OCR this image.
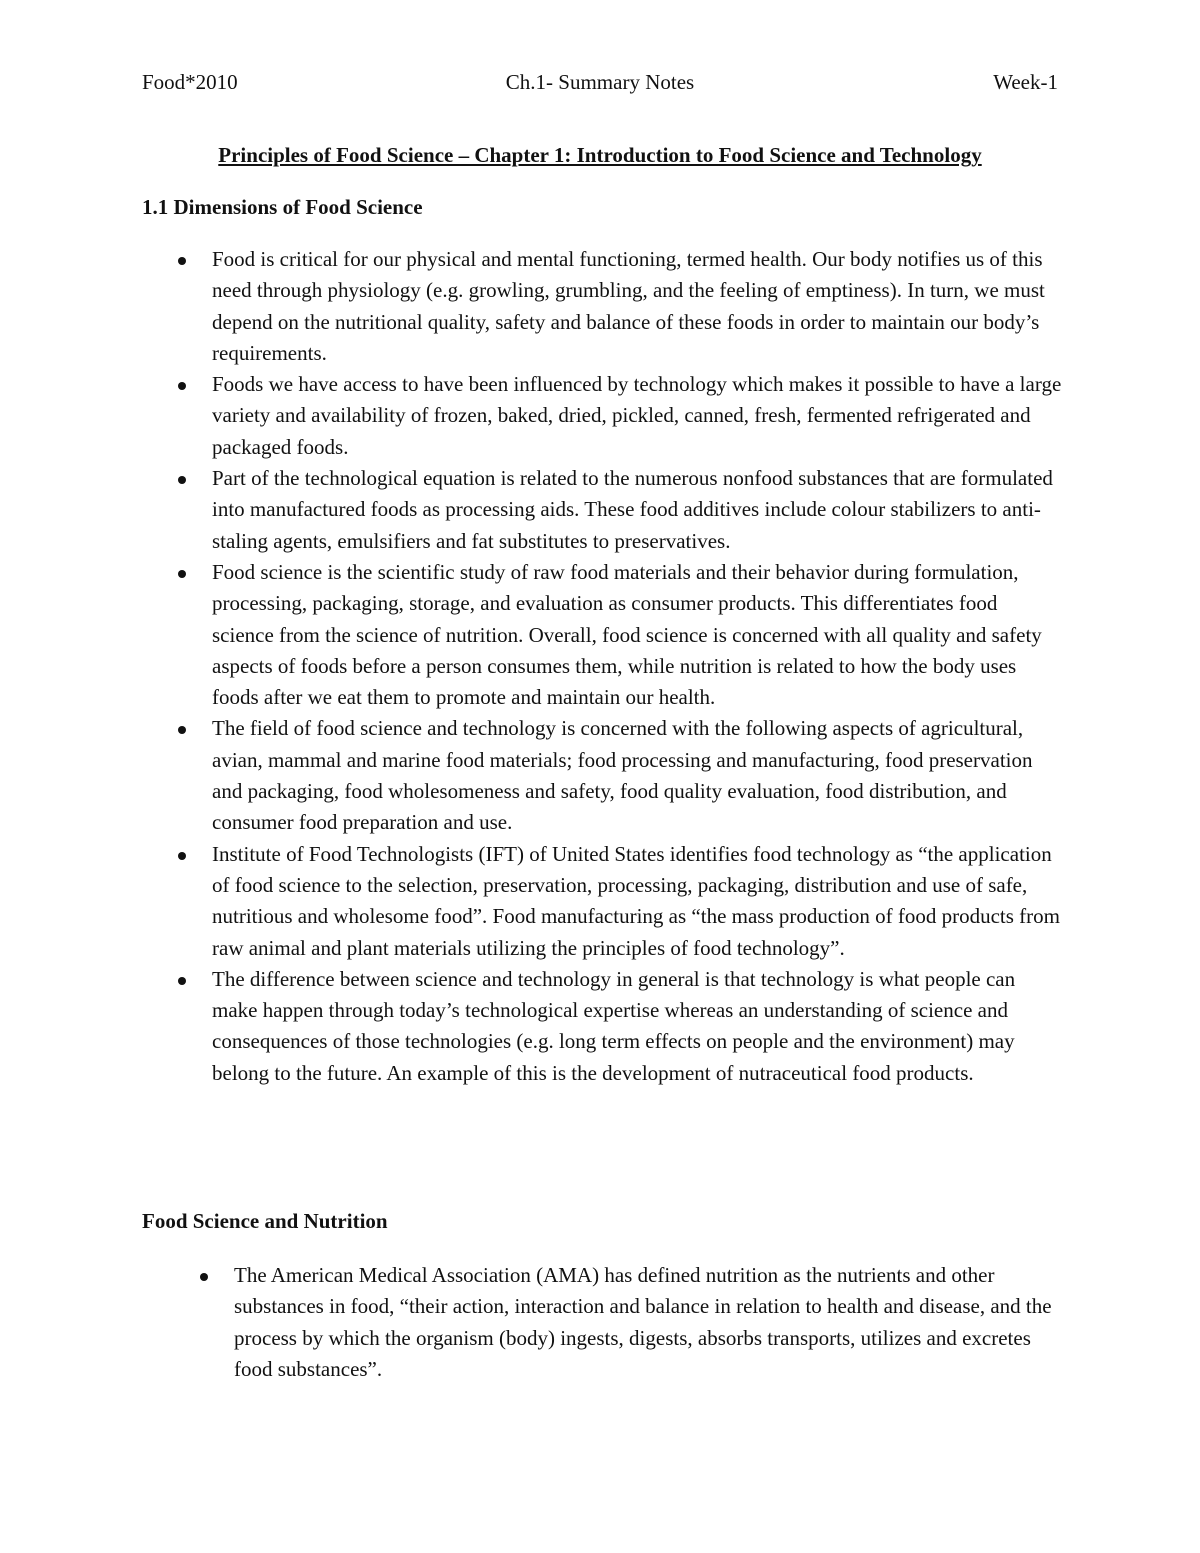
Food*2010	Ch.1- Summary Notes	Week-1
Principles of Food Science – Chapter 1: Introduction to Food Science and Technology
1.1 Dimensions of Food Science
Food is critical for our physical and mental functioning, termed health. Our body notifies us of this need through physiology (e.g. growling, grumbling, and the feeling of emptiness). In turn, we must depend on the nutritional quality, safety and balance of these foods in order to maintain our body’s requirements.
Foods we have access to have been influenced by technology which makes it possible to have a large variety and availability of frozen, baked, dried, pickled, canned, fresh, fermented refrigerated and packaged foods.
Part of the technological equation is related to the numerous nonfood substances that are formulated into manufactured foods as processing aids. These food additives include colour stabilizers to anti-staling agents, emulsifiers and fat substitutes to preservatives.
Food science is the scientific study of raw food materials and their behavior during formulation, processing, packaging, storage, and evaluation as consumer products. This differentiates food science from the science of nutrition. Overall, food science is concerned with all quality and safety aspects of foods before a person consumes them, while nutrition is related to how the body uses foods after we eat them to promote and maintain our health.
The field of food science and technology is concerned with the following aspects of agricultural, avian, mammal and marine food materials; food processing and manufacturing, food preservation and packaging, food wholesomeness and safety, food quality evaluation, food distribution, and consumer food preparation and use.
Institute of Food Technologists (IFT) of United States identifies food technology as “the application of food science to the selection, preservation, processing, packaging, distribution and use of safe, nutritious and wholesome food”. Food manufacturing as “the mass production of food products from raw animal and plant materials utilizing the principles of food technology”.
The difference between science and technology in general is that technology is what people can make happen through today’s technological expertise whereas an understanding of science and consequences of those technologies (e.g. long term effects on people and the environment) may belong to the future. An example of this is the development of nutraceutical food products.
Food Science and Nutrition
The American Medical Association (AMA) has defined nutrition as the nutrients and other substances in food, “their action, interaction and balance in relation to health and disease, and the process by which the organism (body) ingests, digests, absorbs transports, utilizes and excretes food substances”.
